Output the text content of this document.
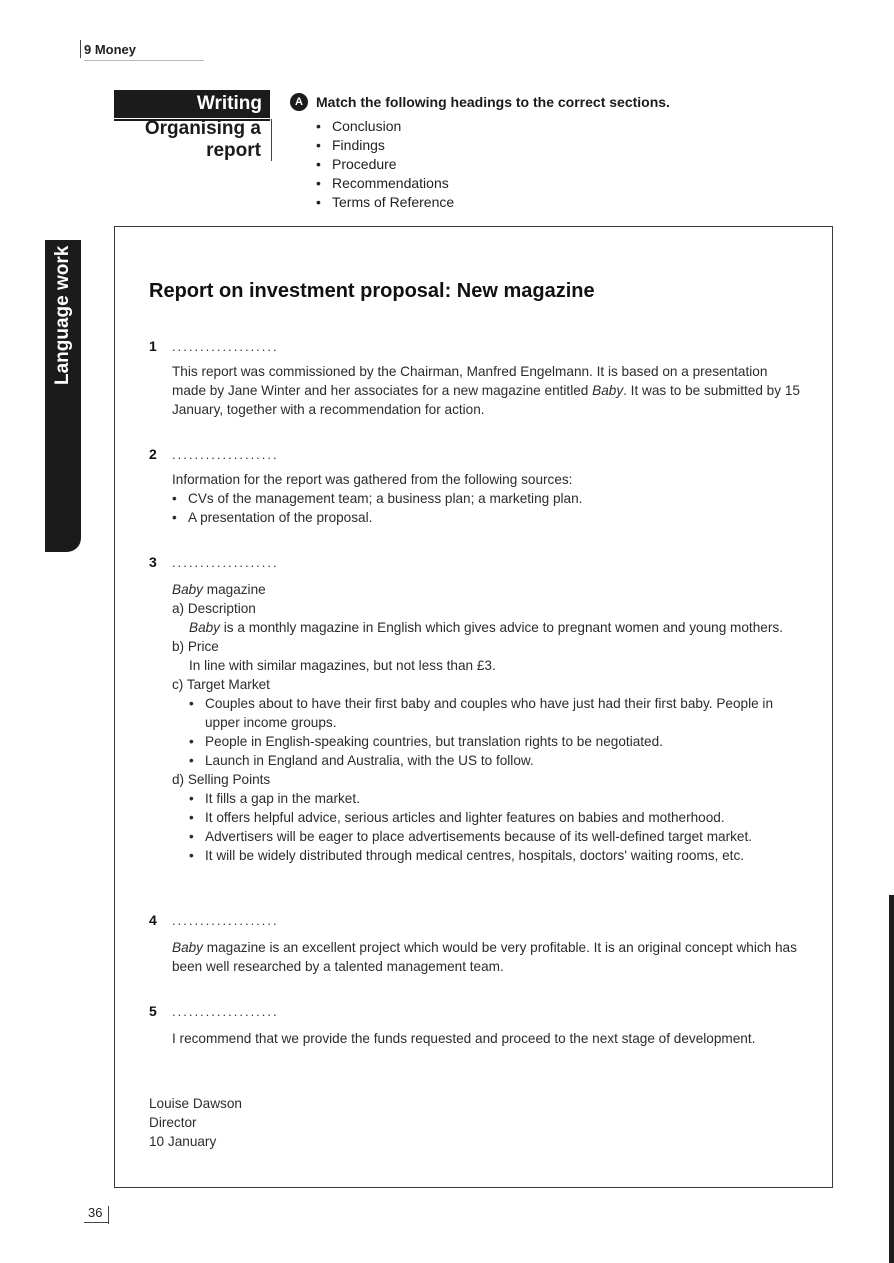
9 Money
Writing
Organising a report
A Match the following headings to the correct sections.
• Conclusion
• Findings
• Procedure
• Recommendations
• Terms of Reference
Language work	Report on investment proposal: New magazine
1 ...................

This report was commissioned by the Chairman, Manfred Engelmann. It is based on a presentation made by Jane Winter and her associates for a new magazine entitled Baby. It was to be submitted by 15 January, together with a recommendation for action.

2 ...................

Information for the report was gathered from the following sources:

• CVs of the management team; a business plan; a marketing plan.
• A presentation of the proposal.
3 ...................

Baby magazine

a) Description

Baby is a monthly magazine in English which gives advice to pregnant women and young mothers.

b) Price

In line with similar magazines, but not less than £3.

c) Target Market

• Couples about to have their first baby and couples who have just had their first baby. People in upper income groups.
• People in English-speaking countries, but translation rights to be negotiated.
• Launch in England and Australia, with the US to follow.

d) Selling Points

• It fills a gap in the market.
• It offers helpful advice, serious articles and lighter features on babies and motherhood.
• Advertisers will be eager to place advertisements because of its well-defined target market.
• It will be widely distributed through medical centres, hospitals, doctors' waiting rooms, etc.
4 ...................

Baby magazine is an excellent project which would be very profitable. It is an original concept which has been well researched by a talented management team.

5 ...................

I recommend that we provide the funds requested and proceed to the next stage of development.

Louise Dawson
Director
10 January
36
